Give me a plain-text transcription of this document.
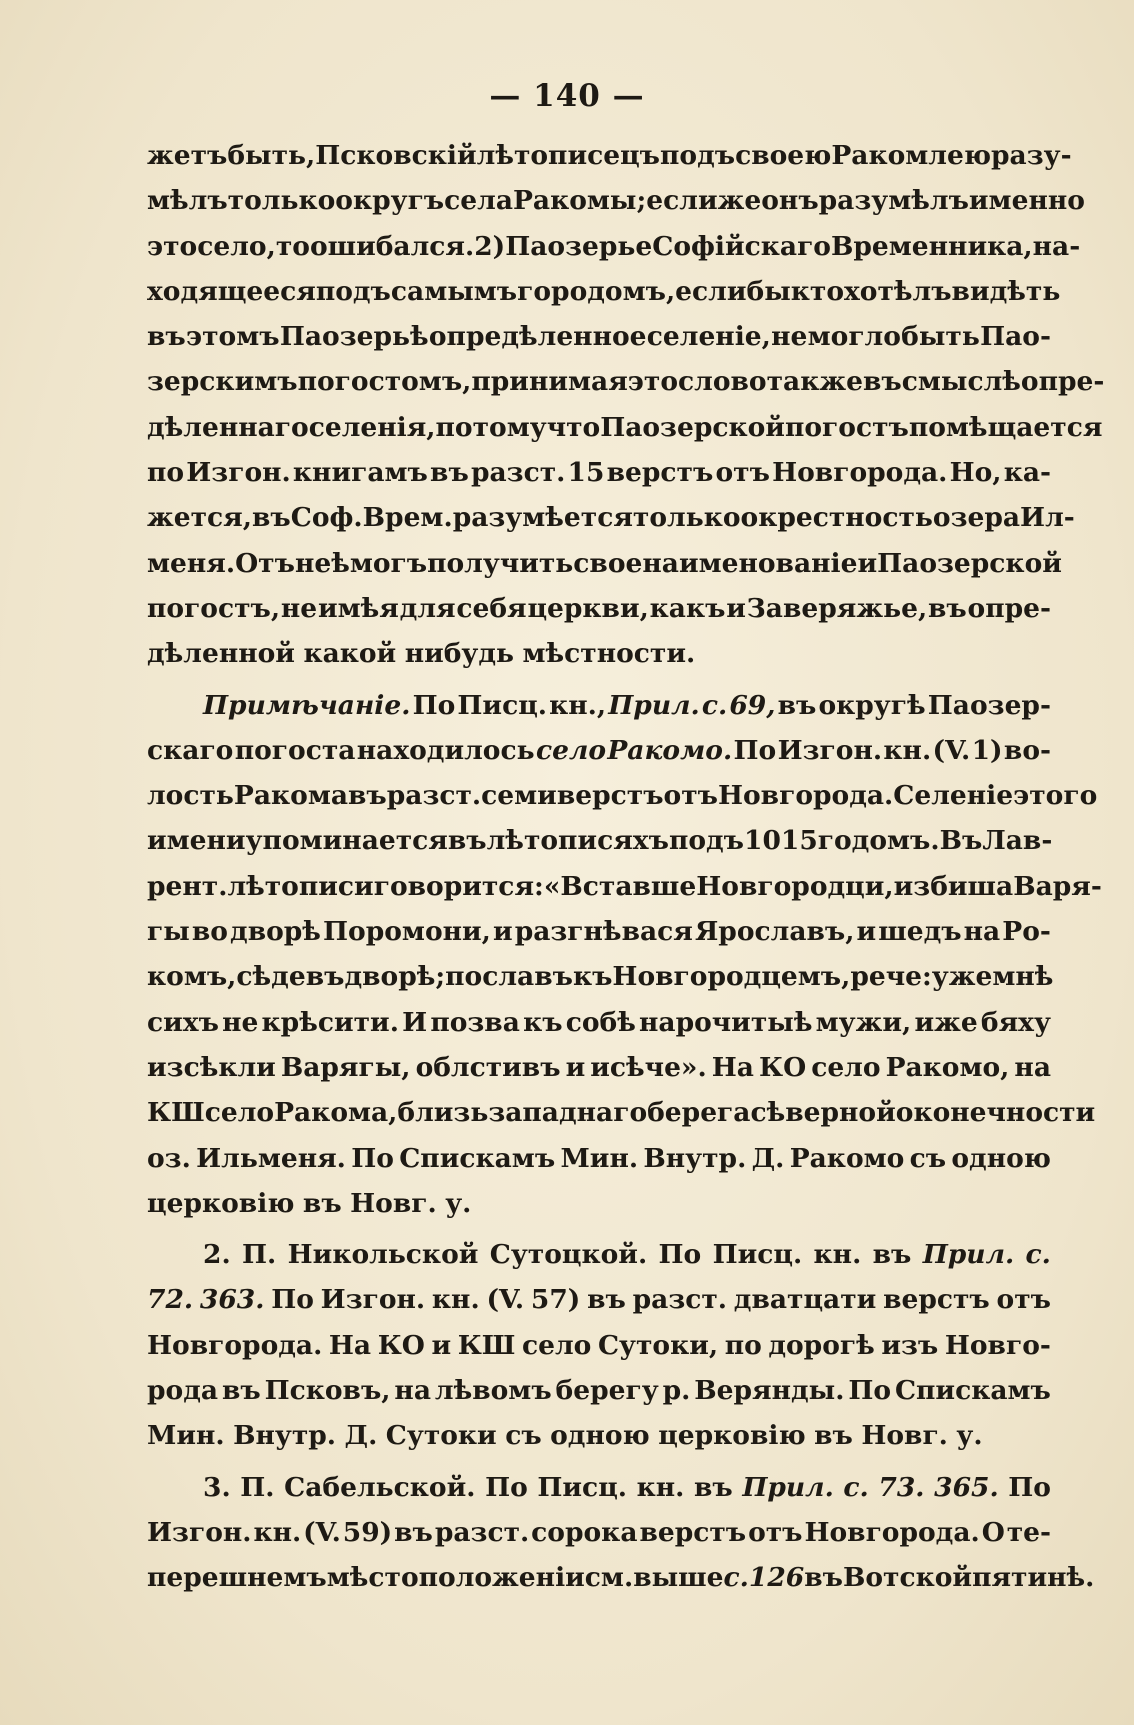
— 140 —
жетъ быть, Псковскій лѣтописецъ подъ своею Ракомлею разу-
мѣлъ только округъ села Ракомы; если же онъ разумѣлъ именно
это село, то ошибался. 2) Паозерье Софійскаго Временника, на-
ходящееся подъ самымъ городомъ, если бы кто хотѣлъ видѣть
въ этомъ Паозерьѣ опредѣленное селеніе, не могло быть Пао-
зерскимъ погостомъ, принимая это слово также въ смыслѣ опре-
дѣленнаго селенія, потому что Паозерской погостъ помѣщается
по Изгон. книгамъ въ разст. 15 верстъ отъ Новгорода. Но, ка-
жется, въ Соф. Врем. разумѣется только окрестность озера Ил-
меня. Отъ неѣ могъ получить свое наименованіе и Паозерской
погостъ, не имѣя для себя церкви, какъ и Заверяжье, въ опре-
дѣленной какой нибудь мѣстности.
Примѣчаніе. По Писц. кн., Прил. с. 69, въ округѣ Паозер-
скаго погоста находилось село Ракомо. По Изгон. кн. (V. 1) во-
лость Ракома въ разст. семи верстъ отъ Новгорода. Селеніе этого
имени упоминается въ лѣтописяхъ подъ 1015 годомъ. Въ Лав-
рент. лѣтописи говорится: «Вставше Новгородци, избиша Варя-
гы во дворѣ Поромони, и разгнѣвася Ярославъ, и шедъ на Ро-
комъ, сѣде въ дворѣ; пославъ къ Новгородцемъ, рече: уже мнѣ
сихъ не крѣсити. И позва къ собѣ нарочитыѣ мужи, иже бяху
изсѣкли Варягы, облстивъ и исѣче». На КО село Ракомо, на
КШ село Ракома, близь западнаго берега сѣверной оконечности
оз. Ильменя. По Спискамъ Мин. Внутр. Д. Ракомо съ одною
церковію въ Новг. у.
2. П. Никольской Сутоцкой. По Писц. кн. въ Прил. с.
72. 363. По Изгон. кн. (V. 57) въ разст. дватцати верстъ отъ
Новгорода. На КО и КШ село Сутоки, по дорогѣ изъ Новго-
рода въ Псковъ, на лѣвомъ берегу р. Верянды. По Спискамъ
Мин. Внутр. Д. Сутоки съ одною церковію въ Новг. у.
3. П. Сабельской. По Писц. кн. въ Прил. с. 73. 365. По
Изгон. кн. (V. 59) въ разст. сорока верстъ отъ Новгорода. О те-
перешнемъ мѣстоположеніи см. выше с. 126 въ Вотской пятинѣ.
